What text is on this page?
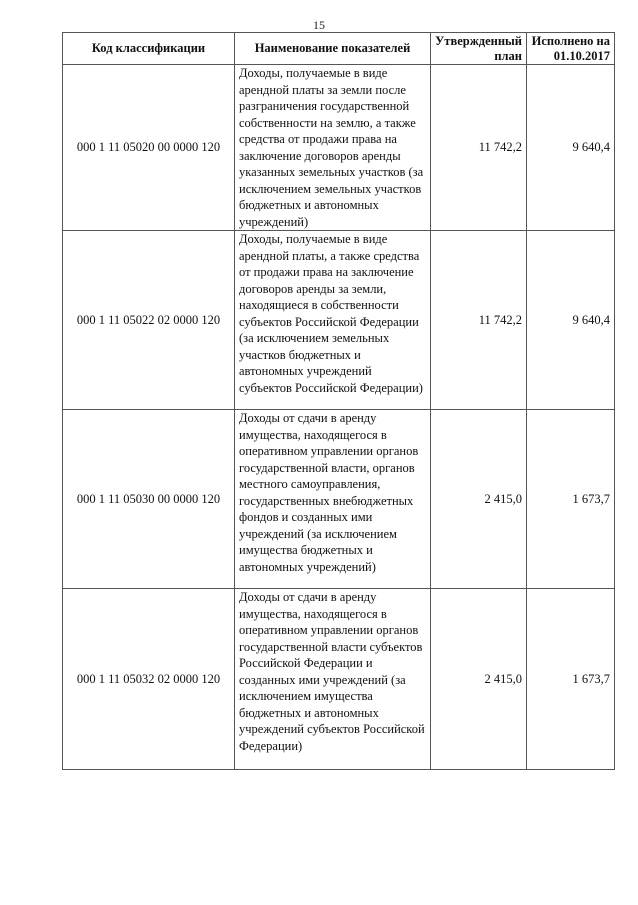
15
Код классификации	Наименование показателей	Утвержденный план	Исполнено на 01.10.2017
000 1 11 05020 00 0000 120	Доходы, получаемые в виде арендной платы за земли после разграничения государственной собственности на землю, а также средства от продажи права на заключение договоров аренды указанных земельных участков (за исключением земельных участков бюджетных и автономных учреждений)	11 742,2	9 640,4
000 1 11 05022 02 0000 120	Доходы, получаемые в виде арендной платы, а также средства от продажи права на заключение договоров аренды за земли, находящиеся в собственности субъектов Российской Федерации (за исключением земельных участков бюджетных и автономных учреждений субъектов Российской Федерации)	11 742,2	9 640,4
000 1 11 05030 00 0000 120	Доходы от сдачи в аренду имущества, находящегося в оперативном управлении органов государственной власти, органов местного самоуправления, государственных внебюджетных фондов и созданных ими учреждений (за исключением имущества бюджетных и автономных учреждений)	2 415,0	1 673,7
000 1 11 05032 02 0000 120	Доходы от сдачи в аренду имущества, находящегося в оперативном управлении органов государственной власти субъектов Российской Федерации и созданных ими учреждений (за исключением имущества бюджетных и автономных учреждений субъектов Российской Федерации)	2 415,0	1 673,7
